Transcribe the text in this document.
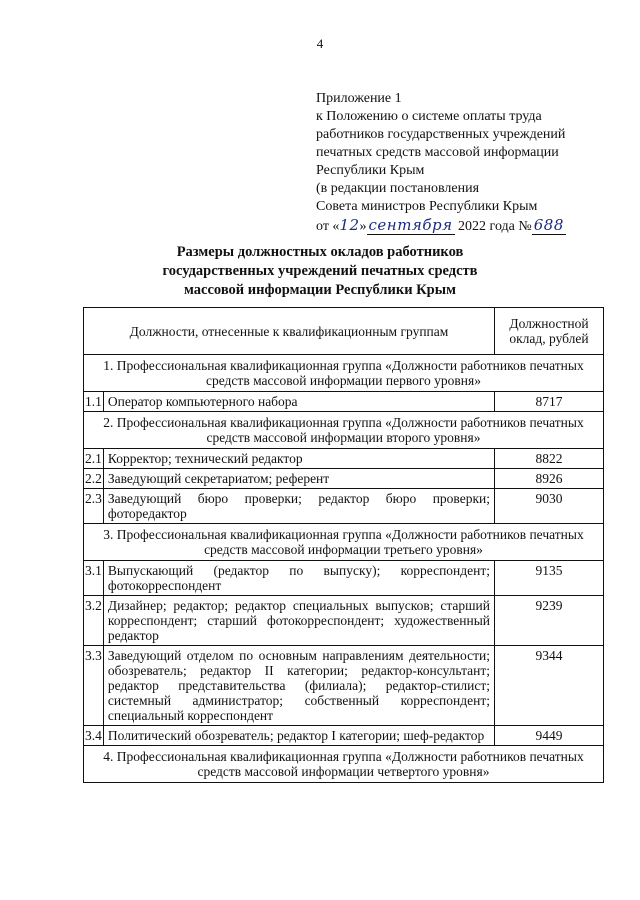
4
Приложение 1
к Положению о системе оплаты труда
работников государственных учреждений
печатных средств массовой информации
Республики Крым
(в редакции постановления
Совета министров Республики Крым
от «12» сентября 2022 года № 688
Размеры должностных окладов работников
государственных учреждений печатных средств
массовой информации Республики Крым
Должности, отнесенные к квалификационным группам		Должностной оклад, рублей
1. Профессиональная квалификационная группа «Должности работников печатных средств массовой информации первого уровня»		
1.1	Оператор компьютерного набора	8717
2. Профессиональная квалификационная группа «Должности работников печатных средств массовой информации второго уровня»		
2.1	Корректор; технический редактор	8822
2.2	Заведующий секретариатом; референт	8926
2.3	Заведующий бюро проверки; редактор бюро проверки; фоторедактор	9030
3. Профессиональная квалификационная группа «Должности работников печатных средств массовой информации третьего уровня»		
3.1	Выпускающий (редактор по выпуску); корреспондент; фотокорреспондент	9135
3.2	Дизайнер; редактор; редактор специальных выпусков; старший корреспондент; старший фотокорреспондент; художественный редактор	9239
3.3	Заведующий отделом по основным направлениям деятельности; обозреватель; редактор II категории; редактор-консультант; редактор представительства (филиала); редактор-стилист; системный администратор; собственный корреспондент; специальный корреспондент	9344
3.4	Политический обозреватель; редактор I категории; шеф-редактор	9449
4. Профессиональная квалификационная группа «Должности работников печатных средств массовой информации четвертого уровня»		
